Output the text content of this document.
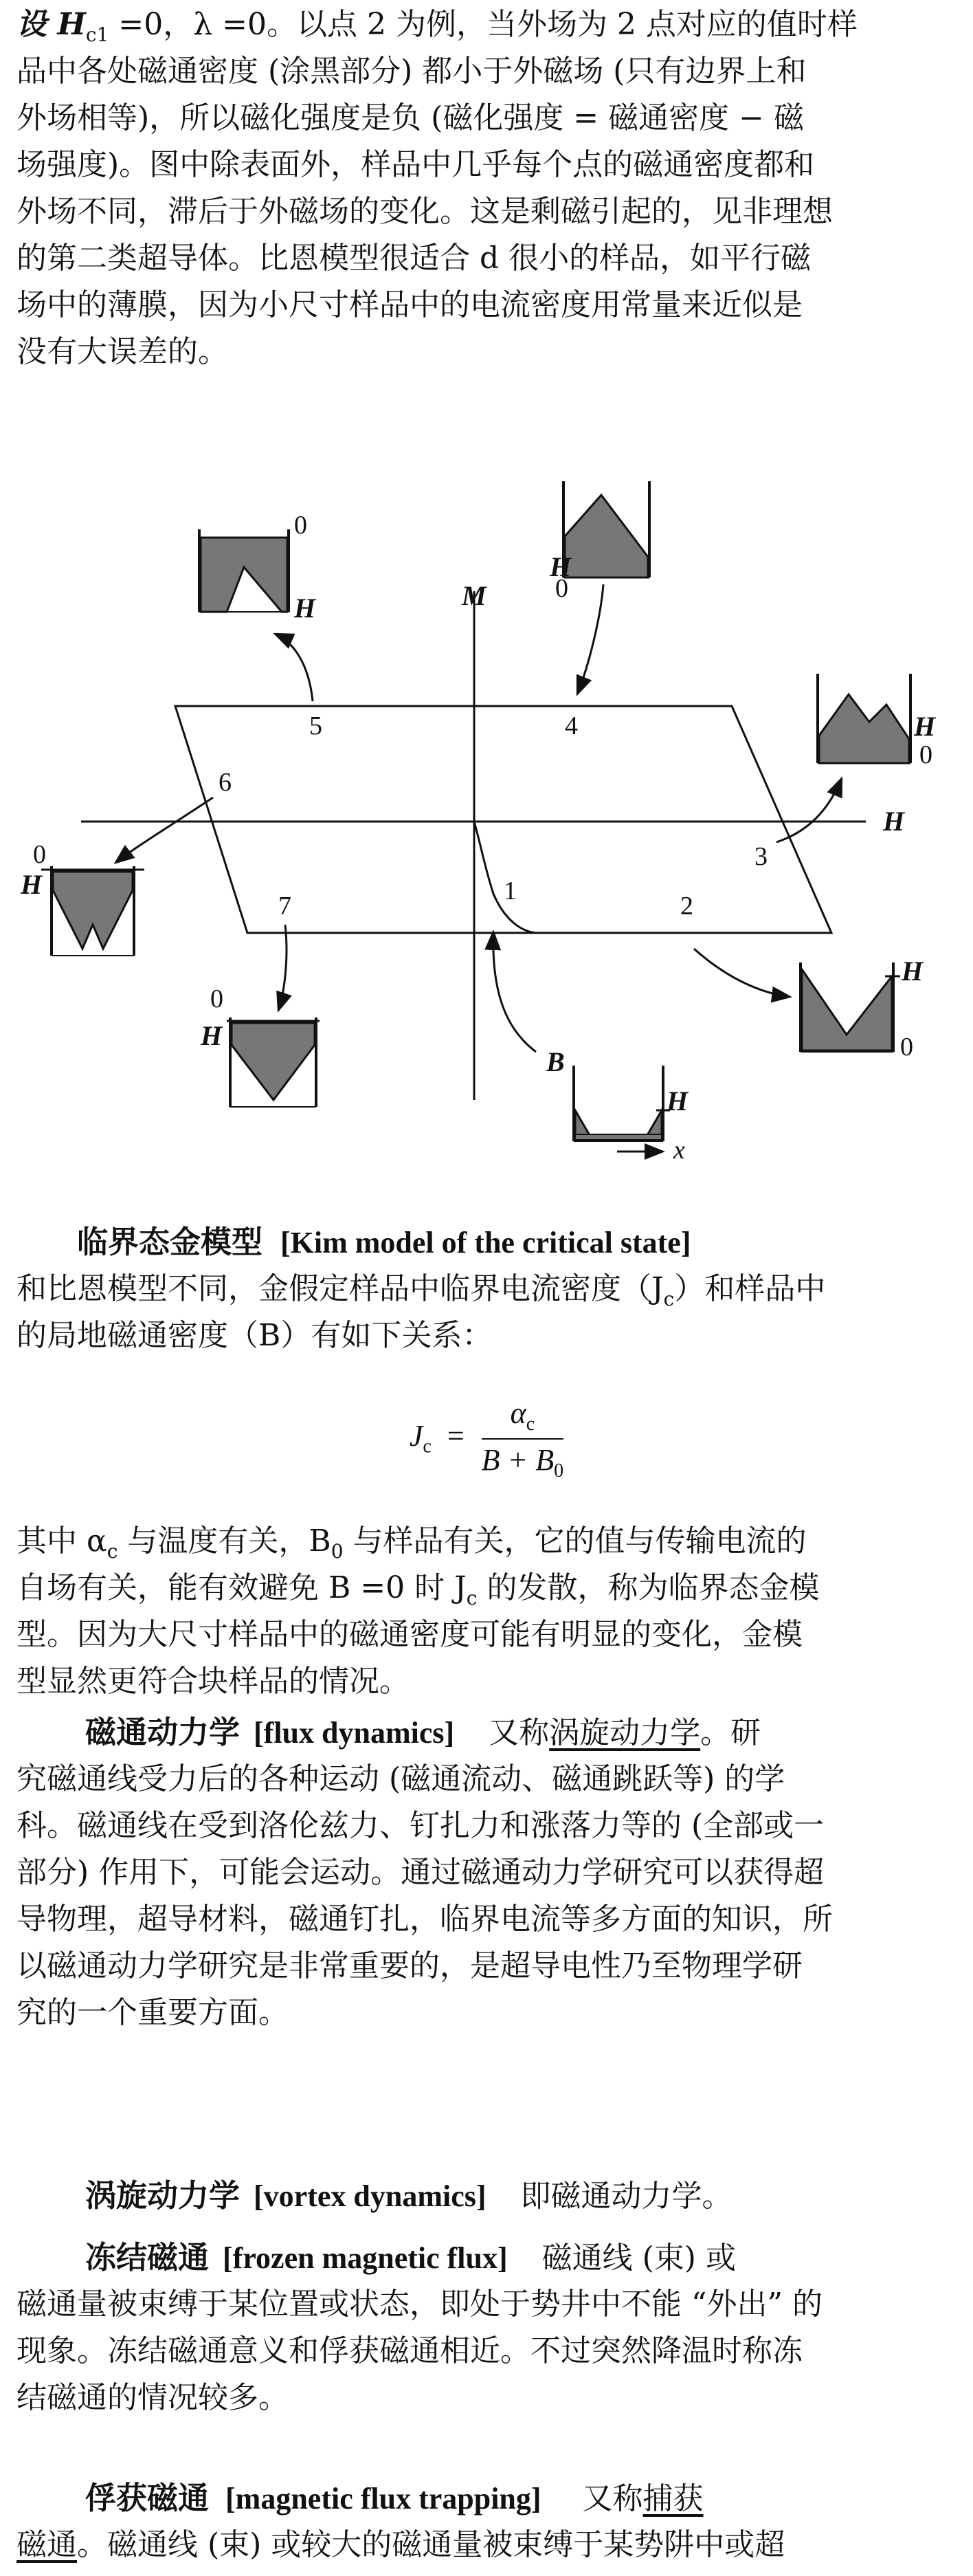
设 $H_{c1} =0$，λ =0。以点 2 为例，当外场为 2 点对应的值时样
品中各处磁通密度 (涂黑部分) 都小于外磁场 (只有边界上和
外场相等)，所以磁化强度是负 (磁化强度 = 磁通密度 − 磁
场强度)。图中除表面外，样品中几乎每个点的磁通密度都和
外场不同，滞后于外磁场的变化。这是剩磁引起的，见非理想
的第二类超导体。比恩模型很适合 d 很小的样品，如平行磁
场中的薄膜，因为小尺寸样品中的电流密度用常量来近似是
没有大误差的。
M
H
1
2
3
4
5
6
7
0
H
0
H
H
0
0
H
0
H
H
0
B
H
x
临界态金模型 [Kim model of the critical state]
和比恩模型不同，金假定样品中临界电流密度$(J_c)$和样品中
的局地磁通密度（B）有如下关系：
$J_c = \frac{\alpha_c}{B + B_0}$
其中 $\alpha_c$ 与温度有关，$B_0$ 与样品有关，它的值与传输电流的
自场有关，能有效避免 B =0 时 $J_c$ 的发散，称为临界态金模
型。因为大尺寸样品中的磁通密度可能有明显的变化，金模
型显然更符合块样品的情况。
磁通动力学 [flux dynamics] 又称涡旋动力学。研
究磁通线受力后的各种运动 (磁通流动、磁通跳跃等) 的学
科。磁通线在受到洛伦兹力、钉扎力和涨落力等的 (全部或一
部分) 作用下，可能会运动。通过磁通动力学研究可以获得超
导物理，超导材料，磁通钉扎，临界电流等多方面的知识，所
以磁通动力学研究是非常重要的，是超导电性乃至物理学研
究的一个重要方面。
涡旋动力学 [vortex dynamics] 即磁通动力学。
冻结磁通 [frozen magnetic flux] 磁通线 (束) 或
磁通量被束缚于某位置或状态，即处于势井中不能 “外出” 的
现象。冻结磁通意义和俘获磁通相近。不过突然降温时称冻
结磁通的情况较多。
俘获磁通 [magnetic flux trapping] 又称捕获
磁通。磁通线 (束) 或较大的磁通量被束缚于某势阱中或超
